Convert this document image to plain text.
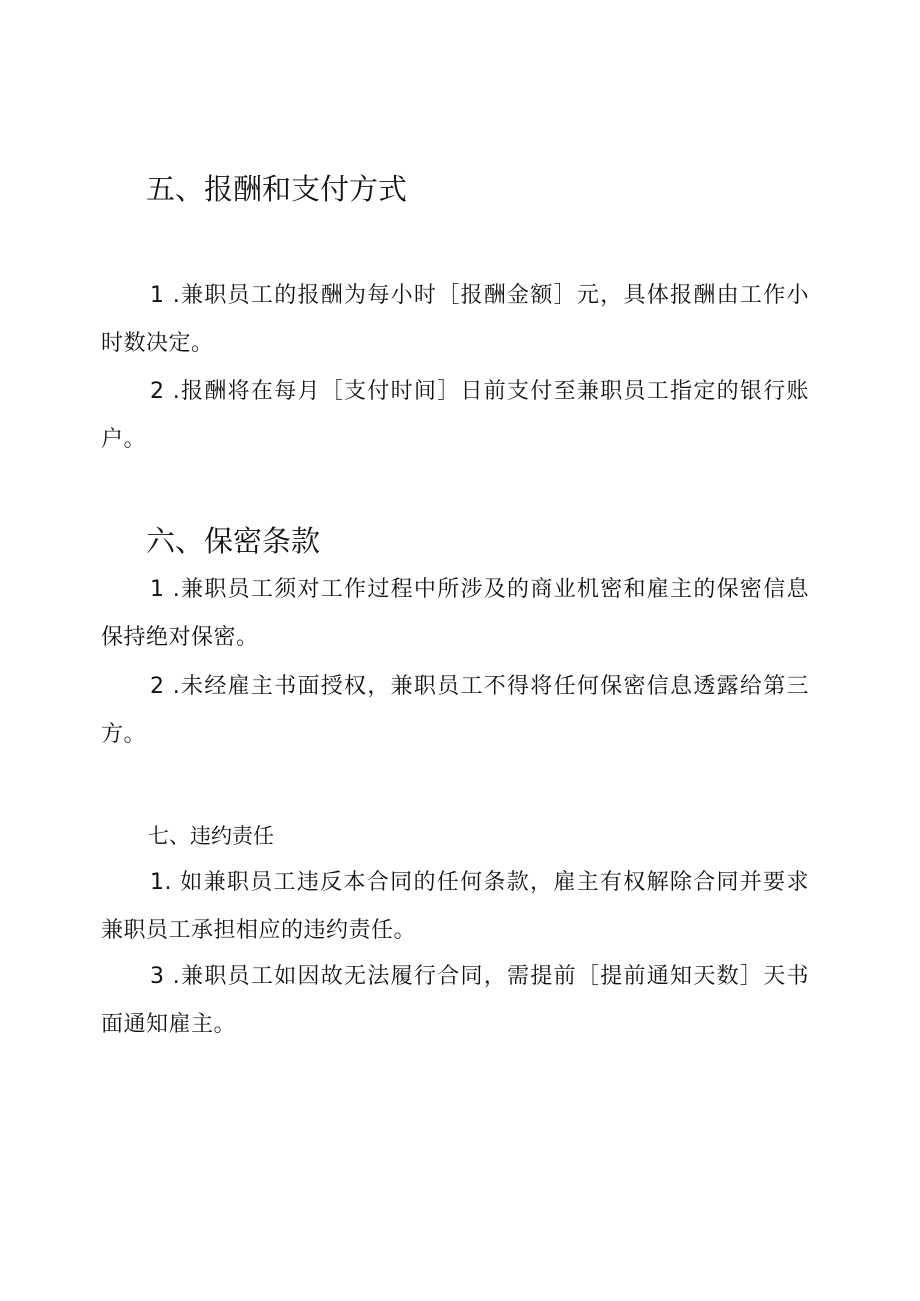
五、报酬和支付方式

1 .兼职员工的报酬为每小时［报酬金额］元，具体报酬由工作小时数决定。

2 .报酬将在每月［支付时间］日前支付至兼职员工指定的银行账户。

六、保密条款

1 .兼职员工须对工作过程中所涉及的商业机密和雇主的保密信息保持绝对保密。

2 .未经雇主书面授权，兼职员工不得将任何保密信息透露给第三方。

七、违约责任

1. 如兼职员工违反本合同的任何条款，雇主有权解除合同并要求兼职员工承担相应的违约责任。

3 .兼职员工如因故无法履行合同，需提前［提前通知天数］天书面通知雇主。
